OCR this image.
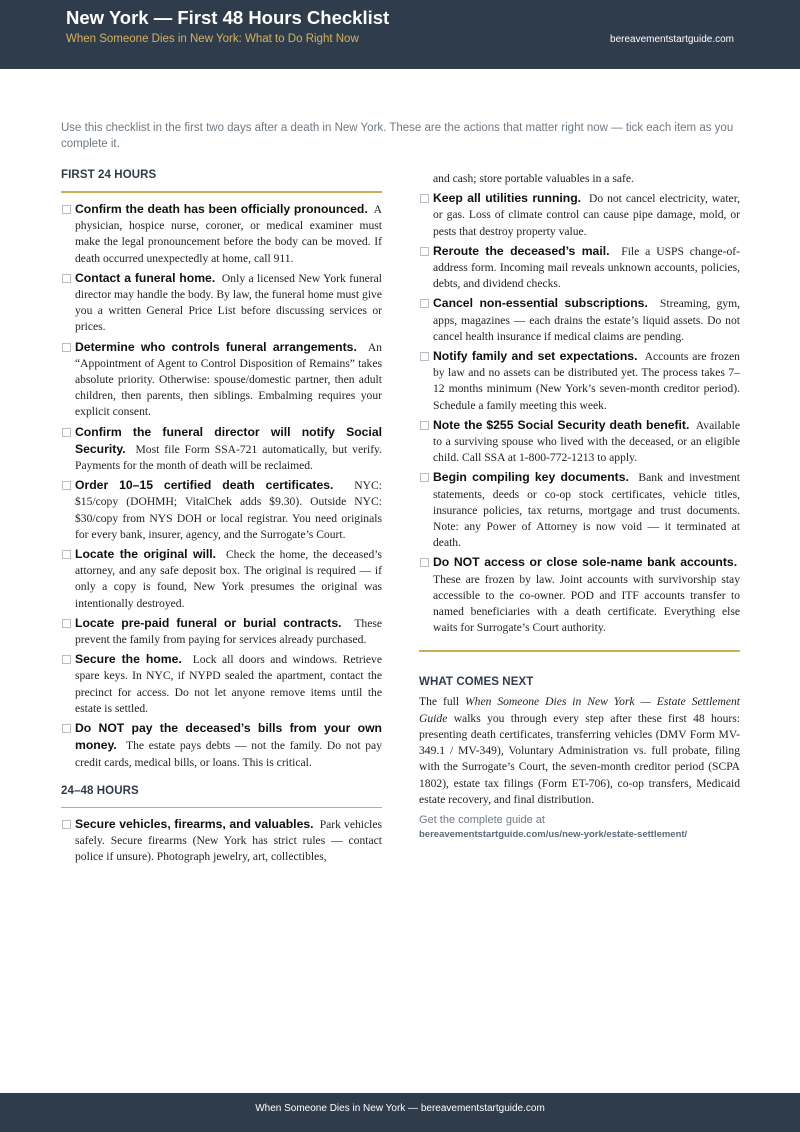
New York — First 48 Hours Checklist
When Someone Dies in New York: What to Do Right Now	bereavementstartguide.com
Use this checklist in the first two days after a death in New York. These are the actions that matter right now — tick each item as you complete it.
FIRST 24 HOURS
Confirm the death has been officially pronounced. A physician, hospice nurse, coroner, or medical examiner must make the legal pronouncement before the body can be moved. If death occurred unexpectedly at home, call 911.
Contact a funeral home. Only a licensed New York funeral director may handle the body. By law, the funeral home must give you a written General Price List before discussing services or prices.
Determine who controls funeral arrangements. An “Appointment of Agent to Control Disposition of Remains” takes absolute priority. Otherwise: spouse/domestic partner, then adult children, then parents, then siblings. Embalming requires your explicit consent.
Confirm the funeral director will notify Social Security. Most file Form SSA-721 automatically, but verify. Payments for the month of death will be reclaimed.
Order 10–15 certified death certificates. NYC: $15/copy (DOHMH; VitalChek adds $9.30). Outside NYC: $30/copy from NYS DOH or local registrar. You need originals for every bank, insurer, agency, and the Surrogate’s Court.
Locate the original will. Check the home, the deceased’s attorney, and any safe deposit box. The original is required — if only a copy is found, New York presumes the original was intentionally destroyed.
Locate pre-paid funeral or burial contracts. These prevent the family from paying for services already purchased.
Secure the home. Lock all doors and windows. Retrieve spare keys. In NYC, if NYPD sealed the apartment, contact the precinct for access. Do not let anyone remove items until the estate is settled.
Do NOT pay the deceased’s bills from your own money. The estate pays debts — not the family. Do not pay credit cards, medical bills, or loans. This is critical.
24–48 HOURS
Secure vehicles, firearms, and valuables. Park vehicles safely. Secure firearms (New York has strict rules — contact police if unsure). Photograph jewelry, art, collectibles,
and cash; store portable valuables in a safe.
Keep all utilities running. Do not cancel electricity, water, or gas. Loss of climate control can cause pipe damage, mold, or pests that destroy property value.
Reroute the deceased’s mail. File a USPS change-of-address form. Incoming mail reveals unknown accounts, policies, debts, and dividend checks.
Cancel non-essential subscriptions. Streaming, gym, apps, magazines — each drains the estate’s liquid assets. Do not cancel health insurance if medical claims are pending.
Notify family and set expectations. Accounts are frozen by law and no assets can be distributed yet. The process takes 7–12 months minimum (New York’s seven-month creditor period). Schedule a family meeting this week.
Note the $255 Social Security death benefit. Available to a surviving spouse who lived with the deceased, or an eligible child. Call SSA at 1-800-772-1213 to apply.
Begin compiling key documents. Bank and investment statements, deeds or co-op stock certificates, vehicle titles, insurance policies, tax returns, mortgage and trust documents. Note: any Power of Attorney is now void — it terminated at death.
Do NOT access or close sole-name bank accounts.  These are frozen by law. Joint accounts with survivorship stay accessible to the co-owner. POD and ITF accounts transfer to named beneficiaries with a death certificate. Everything else waits for Surrogate’s Court authority.
WHAT COMES NEXT
The full When Someone Dies in New York — Estate Settlement Guide walks you through every step after these first 48 hours: presenting death certificates, transferring vehicles (DMV Form MV-349.1 / MV-349), Voluntary Administration vs. full probate, filing with the Surrogate’s Court, the seven-month creditor period (SCPA 1802), estate tax filings (Form ET-706), co-op transfers, Medicaid estate recovery, and final distribution.
Get the complete guide at
bereavementstartguide.com/us/new-york/estate-settlement/
When Someone Dies in New York — bereavementstartguide.com
